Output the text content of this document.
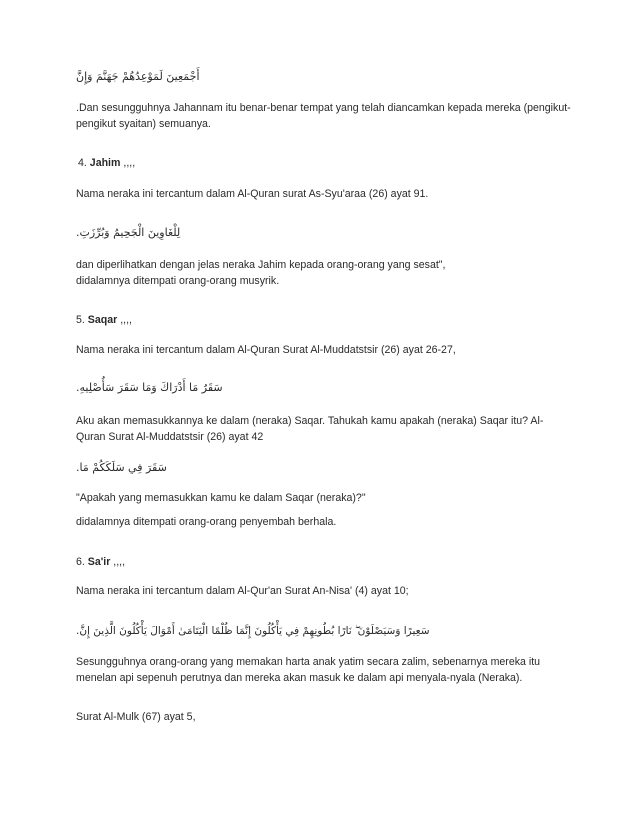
أَجْمَعِينَ لَمَوْعِدُهُمْ جَهَنَّمَ وَإِنَّ
.Dan sesungguhnya Jahannam itu benar-benar tempat yang telah diancamkan kepada mereka (pengikut-
pengikut syaitan) semuanya.
4. Jahim ,,,,
Nama neraka ini tercantum dalam Al-Quran surat As-Syu'araa (26) ayat 91.
لِلْغَاوِينَ الْجَحِيمُ وَبُرِّزَتِ.
dan diperlihatkan dengan jelas neraka Jahim kepada orang-orang yang sesat",
didalamnya ditempati orang-orang musyrik.
5. Saqar ,,,,
Nama neraka ini tercantum dalam Al-Quran Surat Al-Muddatstsir (26) ayat 26-27,
سَقَرُ مَا أَدْرَاكَ وَمَا سَقَرَ سَأُصْلِيهِ.
Aku akan memasukkannya ke dalam (neraka) Saqar. Tahukah kamu apakah (neraka) Saqar itu? Al-
Quran Surat Al-Muddatstsir (26) ayat 42
سَقَرَ فِي سَلَكَكُمْ مَا.
"Apakah yang memasukkan kamu ke dalam Saqar (neraka)?"
didalamnya ditempati orang-orang penyembah berhala.
6. Sa'ir ,,,,
Nama neraka ini tercantum dalam Al-Qur'an Surat An-Nisa' (4) ayat 10;
سَعِيرًا وَسَيَصْلَوْنَ ۖ نَارًا بُطُونِهِمْ فِي يَأْكُلُونَ إِنَّمَا ظُلْمًا الْيَتَامَىٰ أَمْوَالَ يَأْكُلُونَ الَّذِينَ إِنَّ.
Sesungguhnya orang-orang yang memakan harta anak yatim secara zalim, sebenarnya mereka itu
menelan api sepenuh perutnya dan mereka akan masuk ke dalam api menyala-nyala (Neraka).
Surat Al-Mulk (67) ayat 5,
